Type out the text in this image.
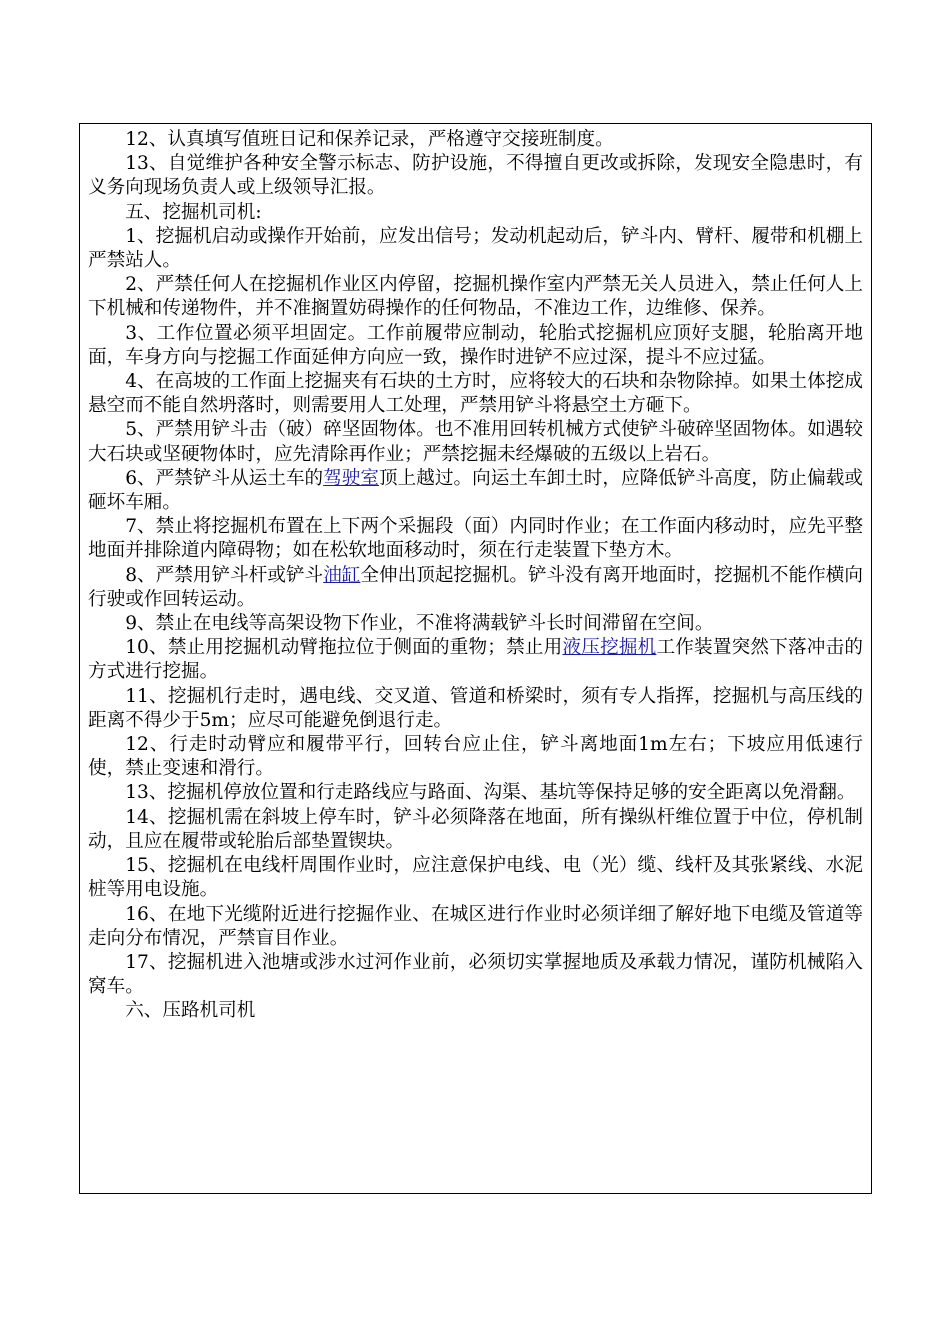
12、认真填写值班日记和保养记录，严格遵守交接班制度。

13、自觉维护各种安全警示标志、防护设施，不得擅自更改或拆除，发现安全隐患时，有义务向现场负责人或上级领导汇报。

五、挖掘机司机:

1、挖掘机启动或操作开始前，应发出信号；发动机起动后，铲斗内、臂杆、履带和机棚上严禁站人。

2、严禁任何人在挖掘机作业区内停留，挖掘机操作室内严禁无关人员进入，禁止任何人上下机械和传递物件，并不准搁置妨碍操作的任何物品，不准边工作，边维修、保养。

3、工作位置必须平坦固定。工作前履带应制动，轮胎式挖掘机应顶好支腿，轮胎离开地面，车身方向与挖掘工作面延伸方向应一致，操作时进铲不应过深，提斗不应过猛。

4、在高坡的工作面上挖掘夹有石块的土方时，应将较大的石块和杂物除掉。如果土体挖成悬空而不能自然坍落时，则需要用人工处理，严禁用铲斗将悬空土方砸下。

5、严禁用铲斗击（破）碎坚固物体。也不准用回转机械方式使铲斗破碎坚固物体。如遇较大石块或坚硬物体时，应先清除再作业；严禁挖掘未经爆破的五级以上岩石。

6、严禁铲斗从运土车的驾驶室顶上越过。向运土车卸土时，应降低铲斗高度，防止偏载或砸坏车厢。

7、禁止将挖掘机布置在上下两个采掘段（面）内同时作业；在工作面内移动时，应先平整地面并排除道内障碍物；如在松软地面移动时，须在行走装置下垫方木。

8、严禁用铲斗杆或铲斗油缸全伸出顶起挖掘机。铲斗没有离开地面时，挖掘机不能作横向行驶或作回转运动。

9、禁止在电线等高架设物下作业，不准将满载铲斗长时间滞留在空间。

10、禁止用挖掘机动臂拖拉位于侧面的重物；禁止用液压挖掘机工作装置突然下落冲击的方式进行挖掘。

11、挖掘机行走时，遇电线、交叉道、管道和桥梁时，须有专人指挥，挖掘机与高压线的距离不得少于5m；应尽可能避免倒退行走。

12、行走时动臂应和履带平行，回转台应止住，铲斗离地面1m左右；下坡应用低速行使，禁止变速和滑行。

13、挖掘机停放位置和行走路线应与路面、沟渠、基坑等保持足够的安全距离以免滑翻。

14、挖掘机需在斜坡上停车时，铲斗必须降落在地面，所有操纵杆维位置于中位，停机制动，且应在履带或轮胎后部垫置锲块。

15、挖掘机在电线杆周围作业时，应注意保护电线、电（光）缆、线杆及其张紧线、水泥桩等用电设施。

16、在地下光缆附近进行挖掘作业、在城区进行作业时必须详细了解好地下电缆及管道等走向分布情况，严禁盲目作业。

17、挖掘机进入池塘或涉水过河作业前，必须切实掌握地质及承载力情况，谨防机械陷入窝车。

六、压路机司机
